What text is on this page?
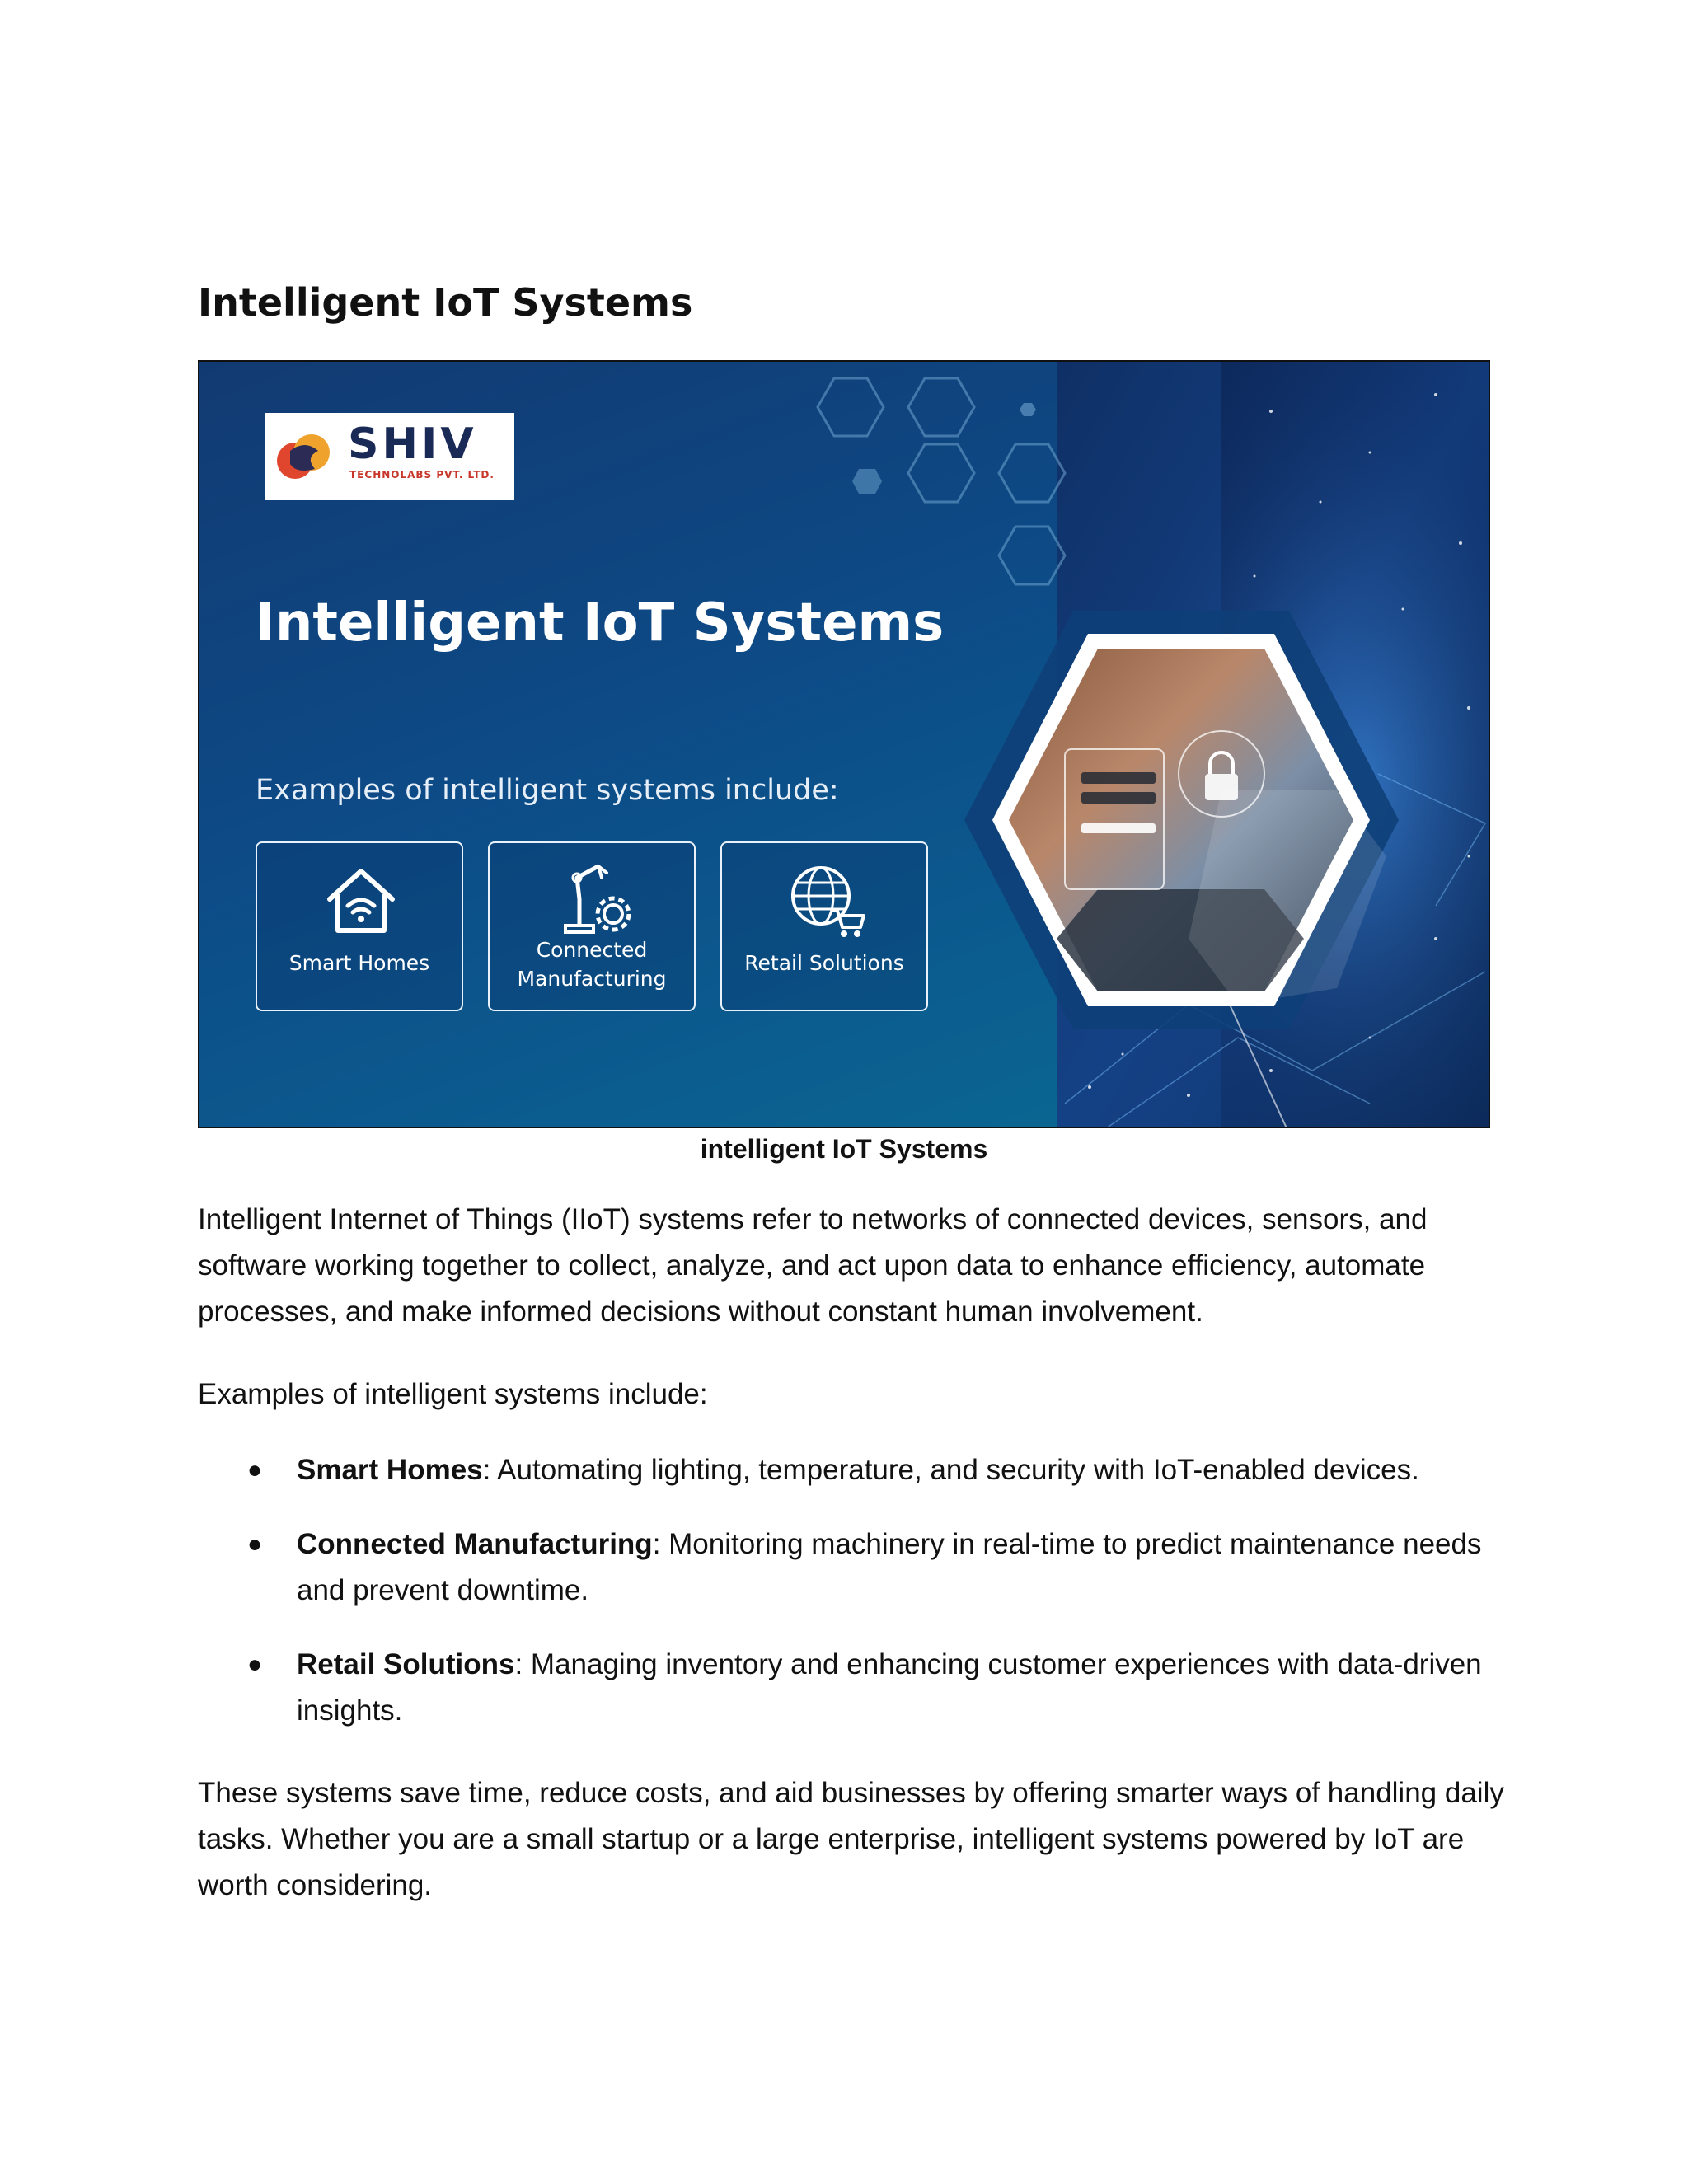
Intelligent IoT Systems
SHIV
TECHNOLABS PVT. LTD.
Intelligent IoT Systems
Examples of intelligent systems include:
Smart Homes
Connected
Manufacturing
Retail Solutions

intelligent IoT Systems

Intelligent Internet of Things (IIoT) systems refer to networks of connected devices, sensors, and software working together to collect, analyze, and act upon data to enhance efficiency, automate processes, and make informed decisions without constant human involvement.

Examples of intelligent systems include:

● Smart Homes: Automating lighting, temperature, and security with IoT-enabled devices.
● Connected Manufacturing: Monitoring machinery in real-time to predict maintenance needs and prevent downtime.
● Retail Solutions: Managing inventory and enhancing customer experiences with data-driven insights.

These systems save time, reduce costs, and aid businesses by offering smarter ways of handling daily tasks. Whether you are a small startup or a large enterprise, intelligent systems powered by IoT are worth considering.
